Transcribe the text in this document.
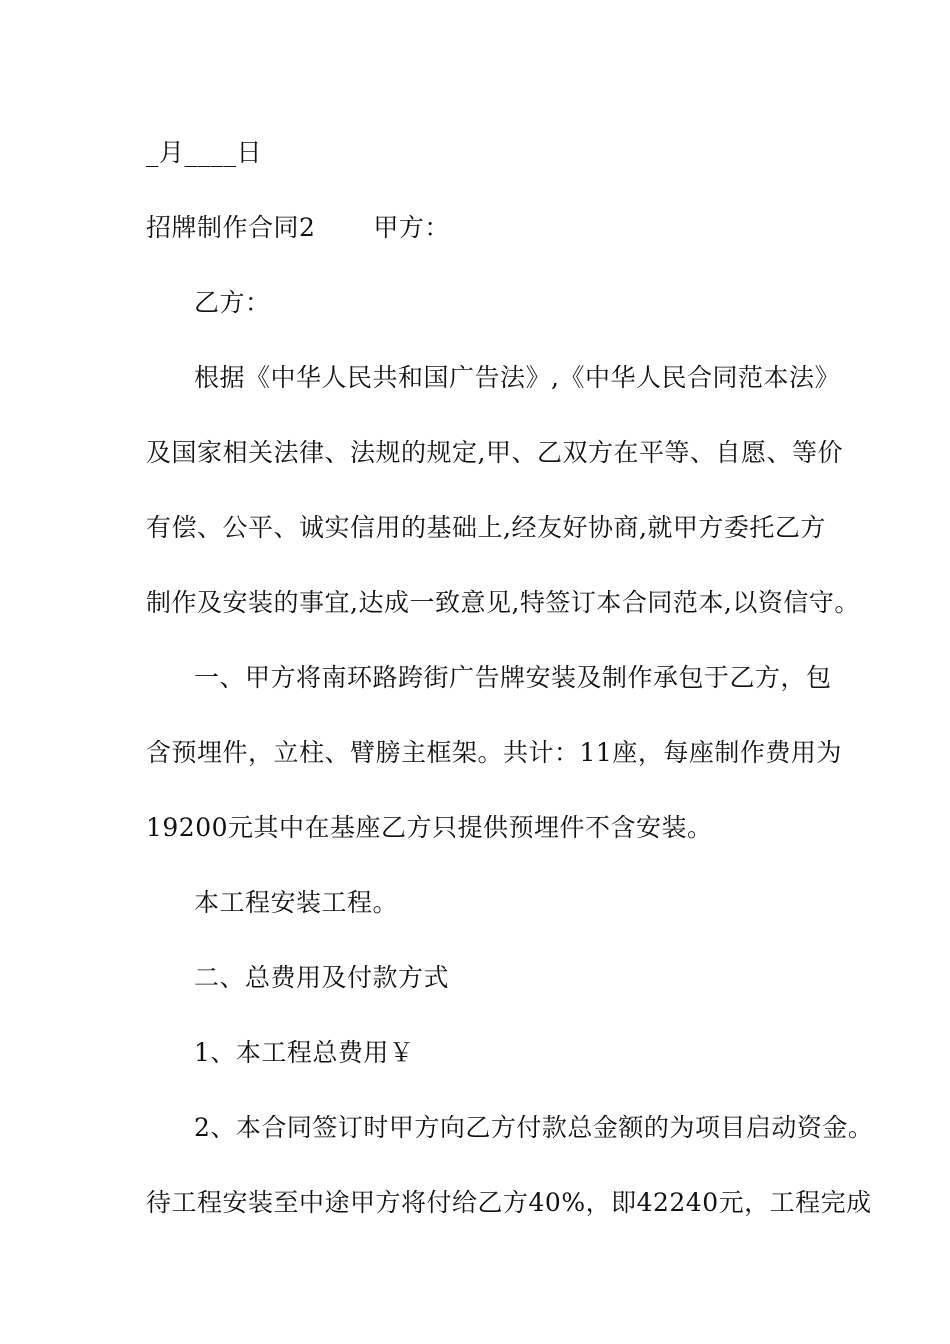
_月____日
招牌制作合同2 甲方：
乙方：
根据《中华人民共和国广告法》,《中华人民合同范本法》
及国家相关法律、法规的规定,甲、乙双方在平等、自愿、等价
有偿、公平、诚实信用的基础上,经友好协商,就甲方委托乙方
制作及安装的事宜,达成一致意见,特签订本合同范本,以资信守。
一、甲方将南环路跨街广告牌安装及制作承包于乙方，包
含预埋件，立柱、臂膀主框架。共计：11座，每座制作费用为
19200元其中在基座乙方只提供预埋件不含安装。
本工程安装工程。
二、总费用及付款方式
1、本工程总费用￥
2、本合同签订时甲方向乙方付款总金额的为项目启动资金。
待工程安装至中途甲方将付给乙方40%，即42240元，工程完成
